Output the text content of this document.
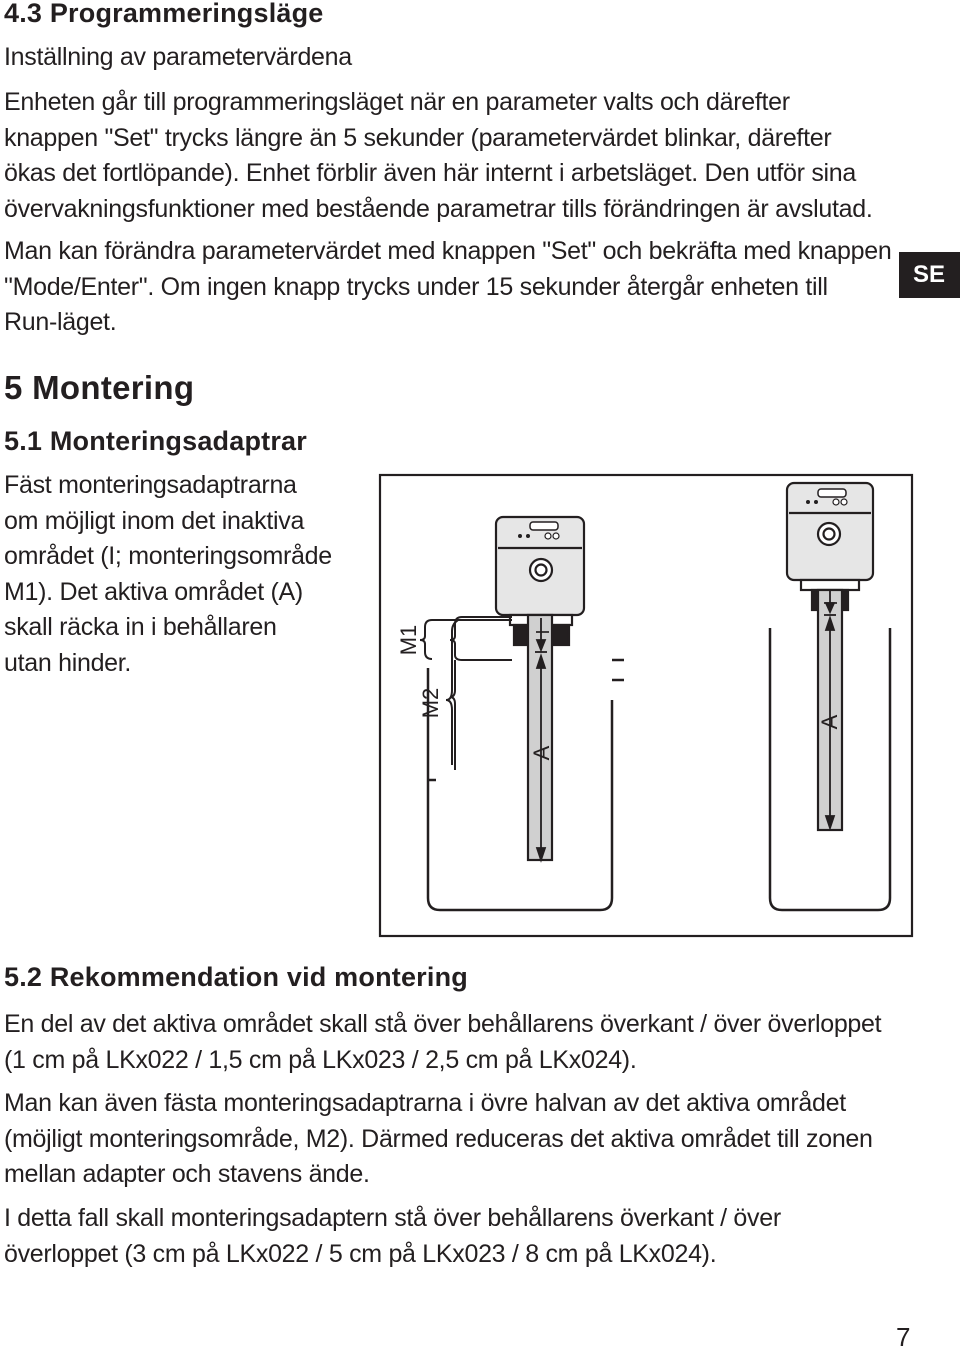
4.3 Programmeringsläge
Inställning av parametervärdena
Enheten går till programmeringsläget när en parameter valts och därefter
knappen "Set" trycks längre än 5 sekunder (parametervärdet blinkar, därefter
ökas det fortlöpande). Enhet förblir även här internt i arbetsläget. Den utför sina
övervakningsfunktioner med bestående parametrar tills förändringen är avslutad.
Man kan förändra parametervärdet med knappen "Set" och bekräfta med knappen
"Mode/Enter". Om ingen knapp trycks under 15 sekunder återgår enheten till
Run-läget.
SE
5 Montering
5.1 Monteringsadaptrar
Fäst monteringsadaptrarna
om möjligt inom det inaktiva
området (I; monteringsområde
M1). Det aktiva området (A)
skall räcka in i behållaren
utan hinder.
M1
M2
A
A
I
I
5.2 Rekommendation vid montering
En del av det aktiva området skall stå över behållarens överkant / över överloppet
(1 cm på LKx022 / 1,5 cm på LKx023 / 2,5 cm på LKx024).
Man kan även fästa monteringsadaptrarna i övre halvan av det aktiva området
(möjligt monteringsområde, M2). Därmed reduceras det aktiva området till zonen
mellan adapter och stavens ände.
I detta fall skall monteringsadaptern stå över behållarens överkant / över
överloppet (3 cm på LKx022 / 5 cm på LKx023 / 8 cm på LKx024).
7
